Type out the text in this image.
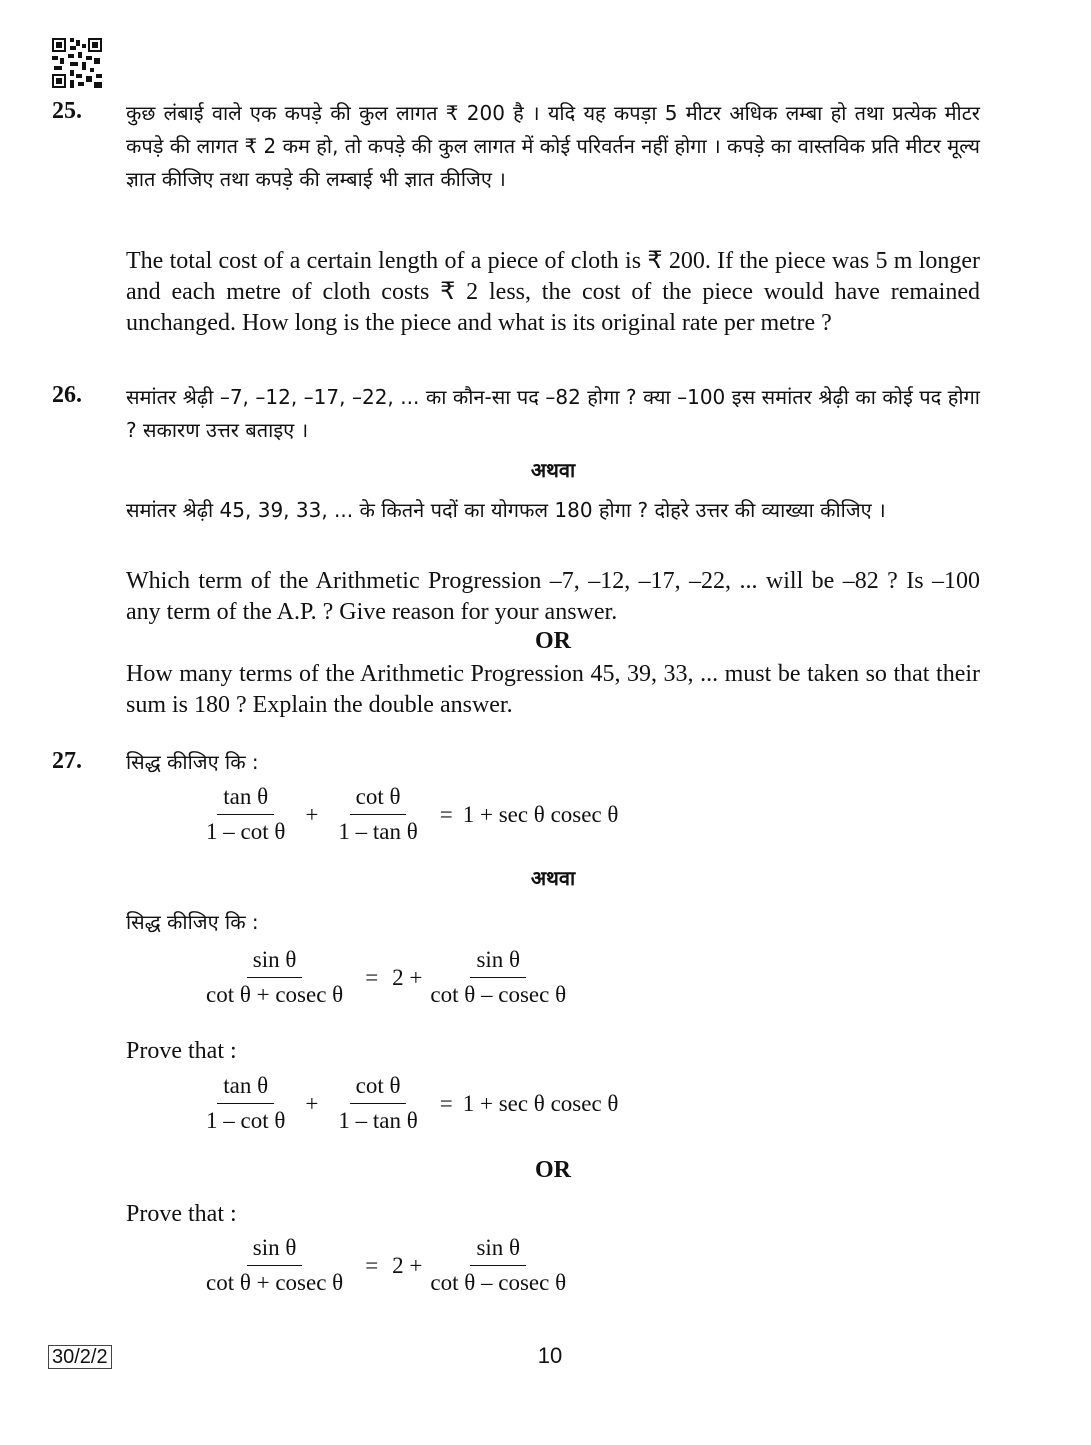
25. कुछ लंबाई वाले एक कपड़े की कुल लागत ₹ 200 है । यदि यह कपड़ा 5 मीटर अधिक लम्बा हो तथा प्रत्येक मीटर कपड़े की लागत ₹ 2 कम हो, तो कपड़े की कुल लागत में कोई परिवर्तन नहीं होगा । कपड़े का वास्तविक प्रति मीटर मूल्य ज्ञात कीजिए तथा कपड़े की लम्बाई भी ज्ञात कीजिए ।

The total cost of a certain length of a piece of cloth is ₹ 200. If the piece was 5 m longer and each metre of cloth costs ₹ 2 less, the cost of the piece would have remained unchanged. How long is the piece and what is its original rate per metre ?

26. समांतर श्रेढ़ी –7, –12, –17, –22, ... का कौन-सा पद –82 होगा ? क्या –100 इस समांतर श्रेढ़ी का कोई पद होगा ? सकारण उत्तर बताइए ।

अथवा

समांतर श्रेढ़ी 45, 39, 33, ... के कितने पदों का योगफल 180 होगा ? दोहरे उत्तर की व्याख्या कीजिए ।

Which term of the Arithmetic Progression –7, –12, –17, –22, ... will be –82 ? Is –100 any term of the A.P. ? Give reason for your answer.

OR

How many terms of the Arithmetic Progression 45, 39, 33, ... must be taken so that their sum is 180 ? Explain the double answer.

27. सिद्ध कीजिए कि :
$\frac{\text{tan θ}}{\text{1 – cot θ}} + \frac{\text{cot θ}}{\text{1 – tan θ}} = 1 + \sec \theta$ cosec θ
अथवा
सिद्ध कीजिए कि :
$\frac{\text{sin θ}}{\text{cot θ + cosec θ}} = 2 + \frac{\text{sin θ}}{\text{cot θ – cosec θ}}$
Prove that :
$\frac{\text{tan θ}}{\text{1 – cot θ}} + \frac{\text{cot θ}}{\text{1 – tan θ}} = 1 + \sec \theta$ cosec θ
OR
Prove that :
$\frac{\text{sin θ}}{\text{cot θ + cosec θ}} = 2 + \frac{\text{sin θ}}{\text{cot θ – cosec θ}}$
30/2/2	10
